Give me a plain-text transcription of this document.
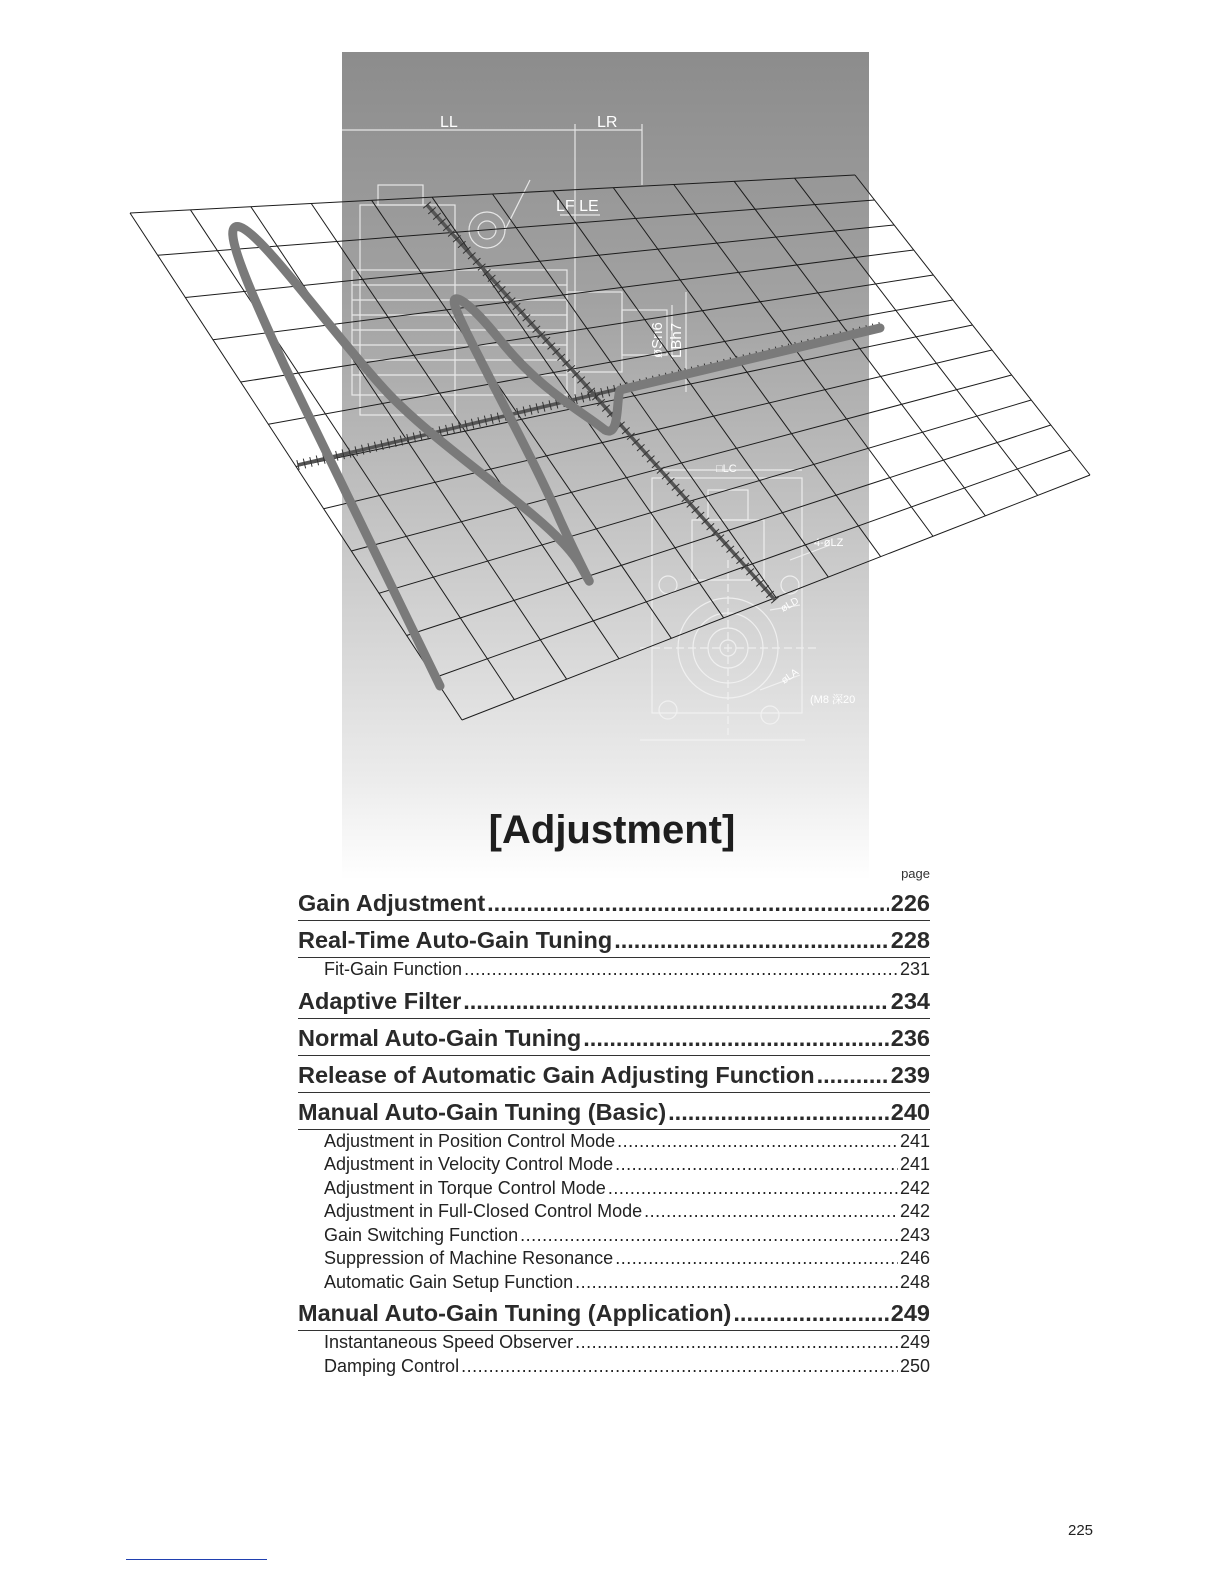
LL	LR
LF LE
øSn6 LBh7
□LC
4-øLZ
øLD
øLA
(M8 深20
[Adjustment]
page
Gain Adjustment .....	226
Real-Time Auto-Gain Tuning .....	228
Fit-Gain Function .....	231
Adaptive Filter .....	234
Normal Auto-Gain Tuning .....	236
Release of Automatic Gain Adjusting Function .....	239
Manual Auto-Gain Tuning (Basic) .....	240
Adjustment in Position Control Mode .....	241
Adjustment in Velocity Control Mode .....	241
Adjustment in Torque Control Mode .....	242
Adjustment in Full-Closed Control Mode .....	242
Gain Switching Function .....	243
Suppression of Machine Resonance .....	246
Automatic Gain Setup Function .....	248
Manual Auto-Gain Tuning (Application) .....	249
Instantaneous Speed Observer .....	249
Damping Control .....	250
225
